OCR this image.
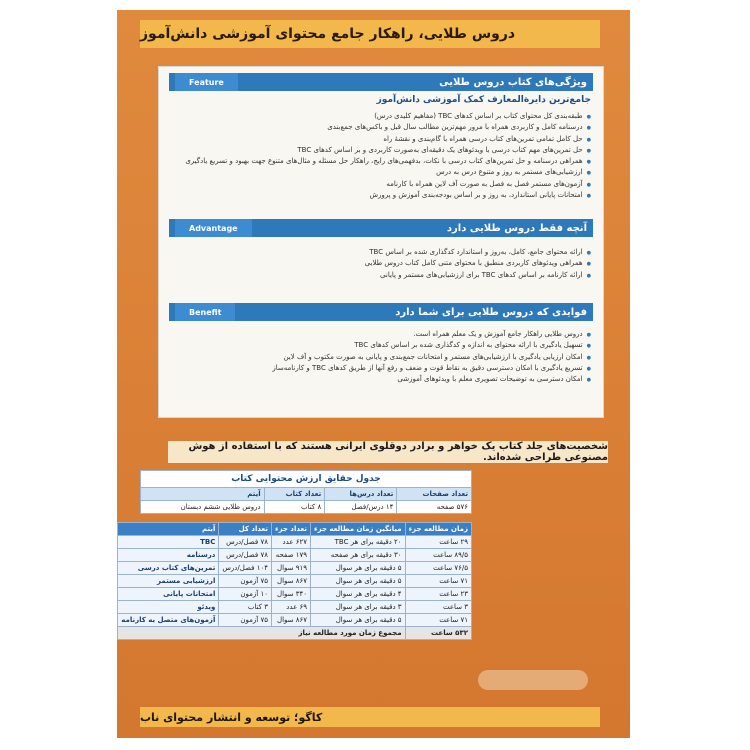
دروس طلایی، راهکار جامع محتوای آموزشی دانش‌آموز
ویژگی‌های کتاب دروس طلایی
Feature
جامع‌ترین دایرةالمعارف کمک آموزشی دانش‌آموز
● طبقه‌بندی کل محتوای کتاب بر اساس کدهای TBC (مفاهیم کلیدی درس)
● درسنامه کامل و کاربردی همراه با مرور مهم‌ترین مطالب سال قبل و باکس‌های جمع‌بندی
● حل کامل تمامی تمرین‌های کتاب درسی همراه با گام‌بندی و نقشهٔ راه
● حل تمرین‌های مهم کتاب درسی با ویدئوهای یک دقیقه‌ای به‌صورت کاربردی و بر اساس کدهای TBC
● همراهی درسنامه و حل تمرین‌های کتاب درسی با نکات، بدفهمی‌های رایج، راهکار حل مسئله و مثال‌های متنوع جهت بهبود و تسریع یادگیری
● ارزشیابی‌های مستمر به روز و متنوع درس به درس
● آزمون‌های مستمر فصل به فصل به صورت آف لاین همراه با کارنامه
● امتحانات پایانی استاندارد، به روز و بر اساس بودجه‌بندی آموزش و پرورش
آنچه فقط دروس طلایی دارد
Advantage
● ارائه محتوای جامع، کامل، به‌روز و استاندارد کدگذاری شده بر اساس TBC
● همراهی ویدئوهای کاربردی منطبق با محتوای متنی کامل کتاب دروس طلایی
● ارائه کارنامه بر اساس کدهای TBC برای ارزشیابی‌های مستمر و پایانی
فوایدی که دروس طلایی برای شما دارد
Benefit
● دروس طلایی راهکار جامع آموزش و یک معلم همراه است.
● تسهیل یادگیری با ارائه محتوای به اندازه و کدگذاری شده بر اساس کدهای TBC
● امکان ارزیابی یادگیری با ارزشیابی‌های مستمر و امتحانات جمع‌بندی و پایانی به صورت مکتوب و آف لاین
● تسریع یادگیری با امکان دسترسی دقیق به نقاط قوت و ضعف و رفع آنها از طریق کدهای TBC و کارنامه‌ساز
● امکان دسترسی به توضیحات تصویری معلم با ویدئوهای آموزشی
شخصیت‌های جلد کتاب یک خواهر و برادر دوقلوی ایرانی هستند که با استفاده از هوش مصنوعی طراحی شده‌اند.
جدول حقایق ارزش محتوایی کتاب			
تعداد صفحات	تعداد درس‌ها	تعداد کتاب	آیتم
۵۷۶ صفحه	۱۴ درس/فصل	۸ کتاب	دروس طلایی ششم دبستان
زمان مطالعه جزء	میانگین زمان مطالعه جزء	تعداد جزء	تعداد کل	آیتم
۲۹ ساعت	۲۰ دقیقه برای هر TBC	۶۲۷ عدد	۷۸ فصل/درس	TBC
۸۹/۵ ساعت	۳۰ دقیقه برای هر صفحه	۱۷۹ صفحه	۷۸ فصل/درس	درسنامه
۷۶/۵ ساعت	۵ دقیقه برای هر سوال	۹۱۹ سوال	۱۰۴ فصل/درس	تمرین‌های کتاب درسی
۷۱ ساعت	۵ دقیقه برای هر سوال	۸۶۷ سوال	۷۵ آزمون	ارزشیابی مستمر
۲۳ ساعت	۴ دقیقه برای هر سوال	۳۴۰ سوال	۱۰ آزمون	امتحانات پایانی
۳ ساعت	۳ دقیقه برای هر سوال	۶۹ عدد	۳ کتاب	ویدئو
۷۱ ساعت	۵ دقیقه برای هر سوال	۸۶۷ سوال	۷۵ آزمون	آزمون‌های متصل به کارنامه
۵۳۲ ساعت	مجموع زمان مورد مطالعه نیاز			
کاگو؛ توسعه و انتشار محتوای ناب
